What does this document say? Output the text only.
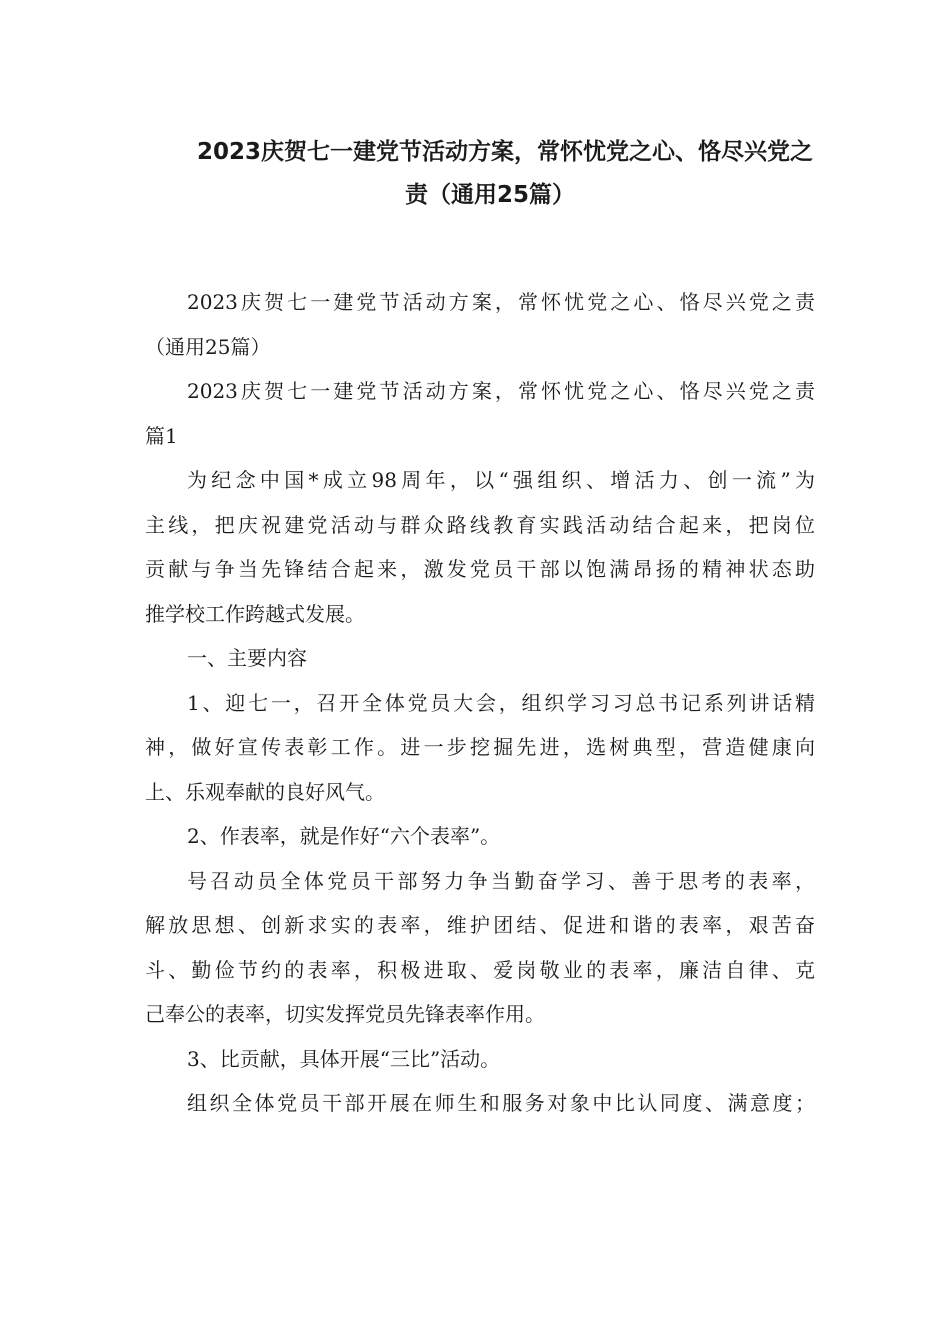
2023庆贺七一建党节活动方案，常怀忧党之心、恪尽兴党之
责（通用25篇）
2023庆贺七一建党节活动方案，常怀忧党之心、恪尽兴党之责
（通用25篇）
2023庆贺七一建党节活动方案，常怀忧党之心、恪尽兴党之责
篇1
为纪念中国*成立98周年，以“强组织、增活力、创一流”为
主线，把庆祝建党活动与群众路线教育实践活动结合起来，把岗位
贡献与争当先锋结合起来，激发党员干部以饱满昂扬的精神状态助
推学校工作跨越式发展。
一、主要内容
1、迎七一，召开全体党员大会，组织学习习总书记系列讲话精
神，做好宣传表彰工作。进一步挖掘先进，选树典型，营造健康向
上、乐观奉献的良好风气。
2、作表率，就是作好“六个表率”。
号召动员全体党员干部努力争当勤奋学习、善于思考的表率，
解放思想、创新求实的表率，维护团结、促进和谐的表率，艰苦奋
斗、勤俭节约的表率，积极进取、爱岗敬业的表率，廉洁自律、克
己奉公的表率，切实发挥党员先锋表率作用。
3、比贡献，具体开展“三比”活动。
组织全体党员干部开展在师生和服务对象中比认同度、满意度；
